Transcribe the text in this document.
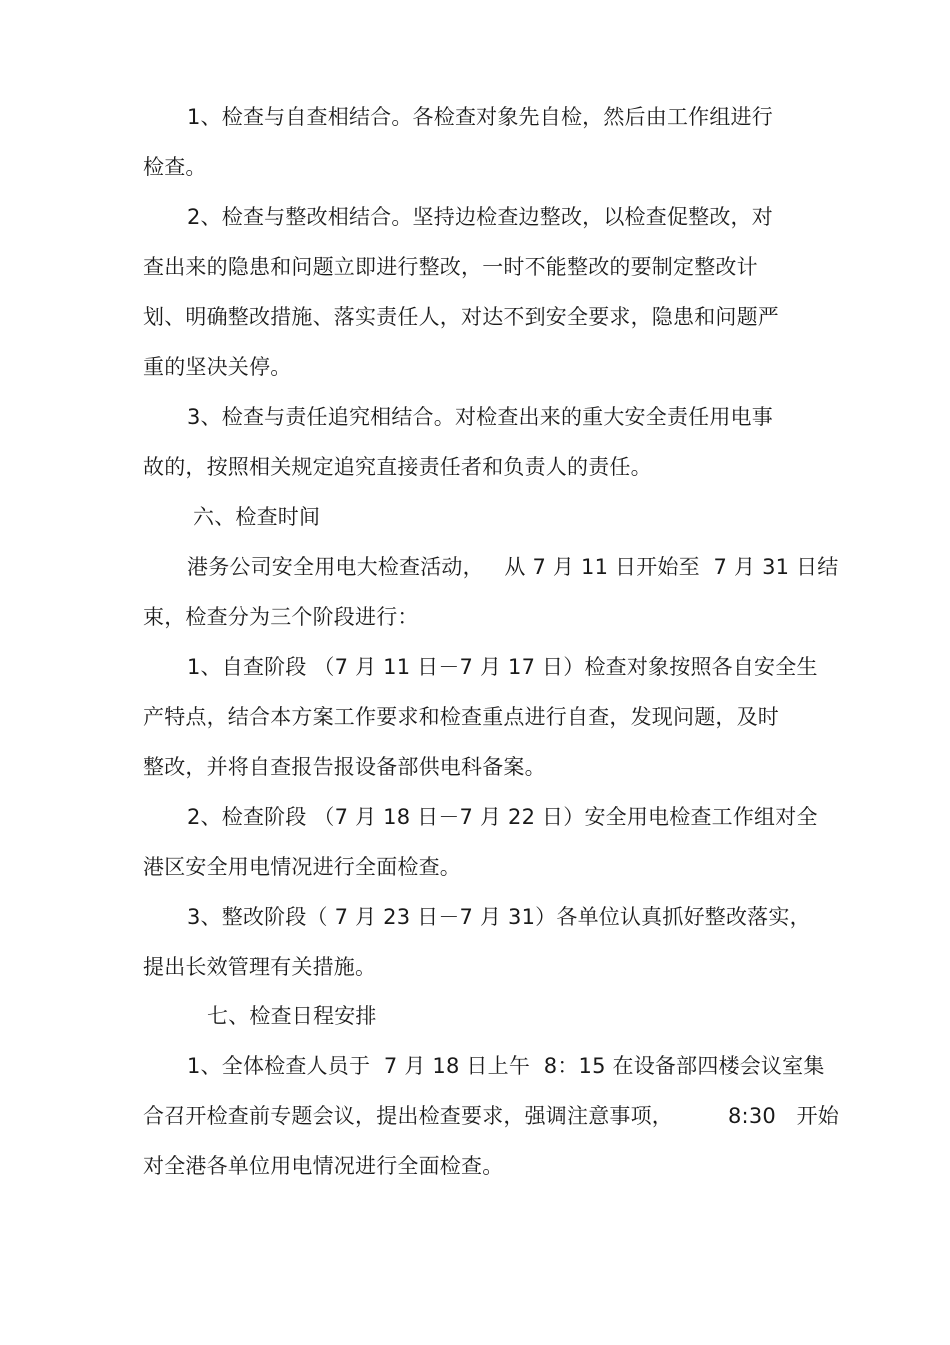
1、检查与自查相结合。各检查对象先自检，然后由工作组进行
检查。
2、检查与整改相结合。坚持边检查边整改，以检查促整改，对
查出来的隐患和问题立即进行整改，一时不能整改的要制定整改计
划、明确整改措施、落实责任人，对达不到安全要求，隐患和问题严
重的坚决关停。
3、检查与责任追究相结合。对检查出来的重大安全责任用电事
故的，按照相关规定追究直接责任者和负责人的责任。
六、检查时间
港务公司安全用电大检查活动，   从 7 月 11 日开始至  7 月 31 日结
束，检查分为三个阶段进行：
1、自查阶段 （7 月 11 日－7 月 17 日）检查对象按照各自安全生
产特点，结合本方案工作要求和检查重点进行自查，发现问题，及时
整改，并将自查报告报设备部供电科备案。
2、检查阶段 （7 月 18 日－7 月 22 日）安全用电检查工作组对全
港区安全用电情况进行全面检查。
3、整改阶段（ 7 月 23 日－7 月 31）各单位认真抓好整改落实，
提出长效管理有关措施。
七、检查日程安排
1、全体检查人员于  7 月 18 日上午  8：15 在设备部四楼会议室集
合召开检查前专题会议，提出检查要求，强调注意事项，        8:30   开始
对全港各单位用电情况进行全面检查。
